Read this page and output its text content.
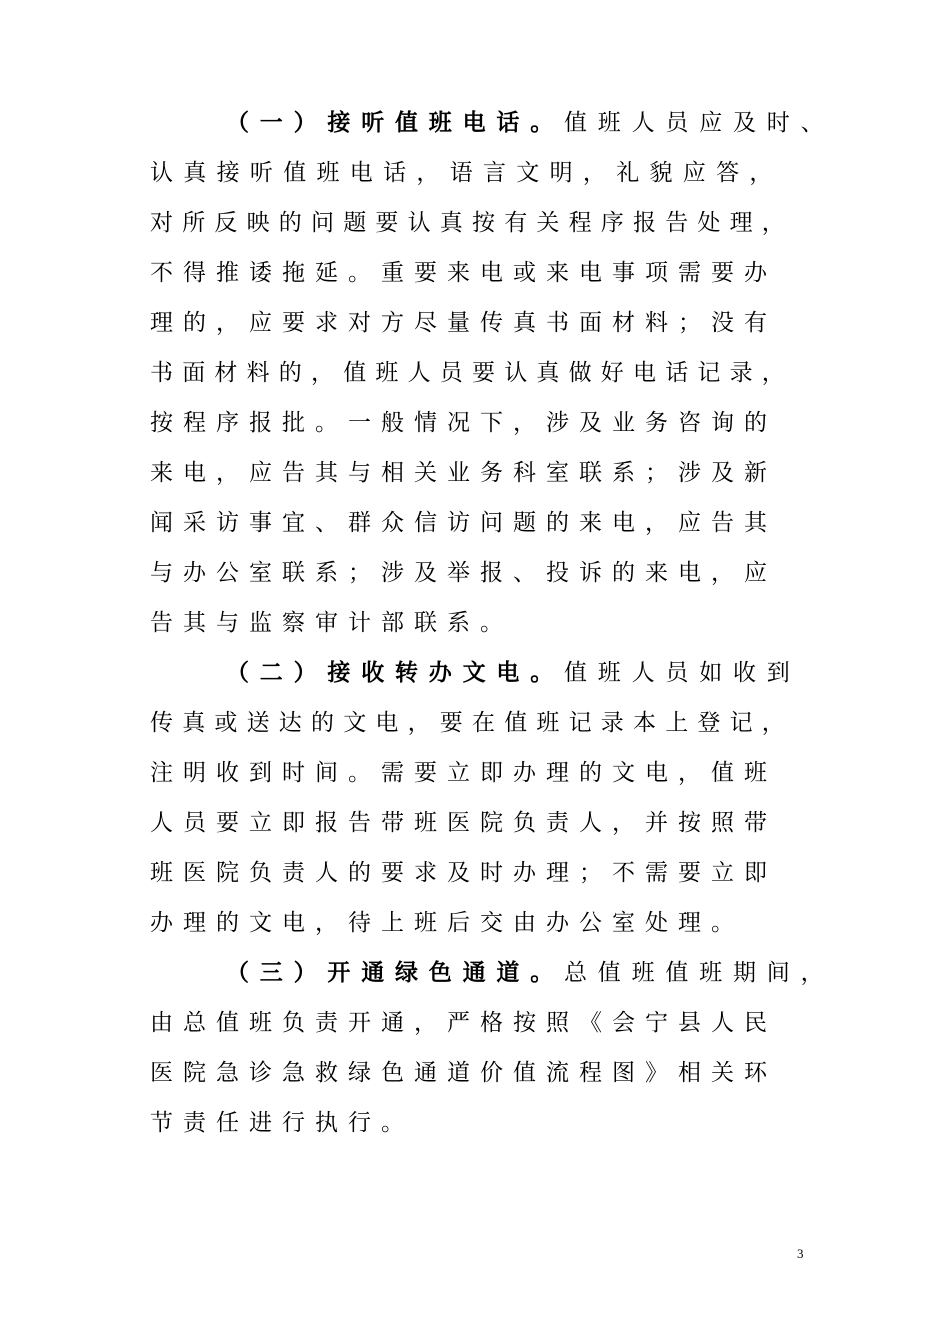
（一）接听值班电话。值班人员应及时、
认真接听值班电话，语言文明，礼貌应答，
对所反映的问题要认真按有关程序报告处理，
不得推诿拖延。重要来电或来电事项需要办
理的，应要求对方尽量传真书面材料；没有
书面材料的，值班人员要认真做好电话记录，
按程序报批。一般情况下，涉及业务咨询的
来电，应告其与相关业务科室联系；涉及新
闻采访事宜、群众信访问题的来电，应告其
与办公室联系；涉及举报、投诉的来电，应
告其与监察审计部联系。
（二）接收转办文电。值班人员如收到
传真或送达的文电，要在值班记录本上登记，
注明收到时间。需要立即办理的文电，值班
人员要立即报告带班医院负责人，并按照带
班医院负责人的要求及时办理；不需要立即
办理的文电，待上班后交由办公室处理。
（三）开通绿色通道。总值班值班期间，
由总值班负责开通，严格按照《会宁县人民
医院急诊急救绿色通道价值流程图》相关环
节责任进行执行。
3
